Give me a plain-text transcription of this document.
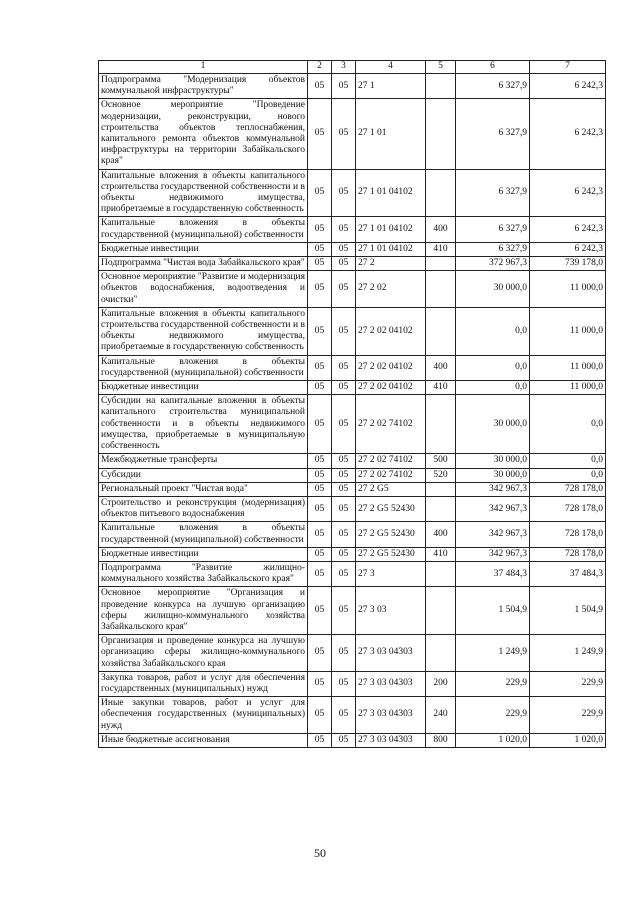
1	2	3	4	5	6	7
Подпрограмма "Модернизация объектов коммунальной инфраструктуры"	05	05	27 1		6 327,9	6 242,3
Основное мероприятие "Проведение модернизации, реконструкции, нового строительства объектов теплоснабжения, капитального ремонта объектов коммунальной инфраструктуры на территории Забайкальского края"	05	05	27 1 01		6 327,9	6 242,3
Капитальные вложения в объекты капитального строительства государственной собственности и в объекты недвижимого имущества, приобретаемые в государственную собственность	05	05	27 1 01 04102		6 327,9	6 242,3
Капитальные вложения в объекты государственной (муниципальной) собственности	05	05	27 1 01 04102	400	6 327,9	6 242,3
Бюджетные инвестиции	05	05	27 1 01 04102	410	6 327,9	6 242,3
Подпрограмма "Чистая вода Забайкальского края"	05	05	27 2		372 967,3	739 178,0
Основное мероприятие "Развитие и модернизация объектов водоснабжения, водоотведения и очистки"	05	05	27 2 02		30 000,0	11 000,0
Капитальные вложения в объекты капитального строительства государственной собственности и в объекты недвижимого имущества, приобретаемые в государственную собственность	05	05	27 2 02 04102		0,0	11 000,0
Капитальные вложения в объекты государственной (муниципальной) собственности	05	05	27 2 02 04102	400	0,0	11 000,0
Бюджетные инвестиции	05	05	27 2 02 04102	410	0,0	11 000,0
Субсидии на капитальные вложения в объекты капитального строительства муниципальной собственности и в объекты недвижимого имущества, приобретаемые в муниципальную собственность	05	05	27 2 02 74102		30 000,0	0,0
Межбюджетные трансферты	05	05	27 2 02 74102	500	30 000,0	0,0
Субсидии	05	05	27 2 02 74102	520	30 000,0	0,0
Региональный проект "Чистая вода"	05	05	27 2 G5		342 967,3	728 178,0
Строительство и реконструкция (модернизация) объектов питьевого водоснабжения	05	05	27 2 G5 52430		342 967,3	728 178,0
Капитальные вложения в объекты государственной (муниципальной) собственности	05	05	27 2 G5 52430	400	342 967,3	728 178,0
Бюджетные инвестиции	05	05	27 2 G5 52430	410	342 967,3	728 178,0
Подпрограмма "Развитие жилищно-коммунального хозяйства Забайкальского края"	05	05	27 3		37 484,3	37 484,3
Основное мероприятие "Организация и проведение конкурса на лучшую организацию сферы жилищно-коммунального хозяйства Забайкальского края"	05	05	27 3 03		1 504,9	1 504,9
Организация и проведение конкурса на лучшую организацию сферы жилищно-коммунального хозяйства Забайкальского края	05	05	27 3 03 04303		1 249,9	1 249,9
Закупка товаров, работ и услуг для обеспечения государственных (муниципальных) нужд	05	05	27 3 03 04303	200	229,9	229,9
Иные закупки товаров, работ и услуг для обеспечения государственных (муниципальных) нужд	05	05	27 3 03 04303	240	229,9	229,9
Иные бюджетные ассигнования	05	05	27 3 03 04303	800	1 020,0	1 020,0
50
